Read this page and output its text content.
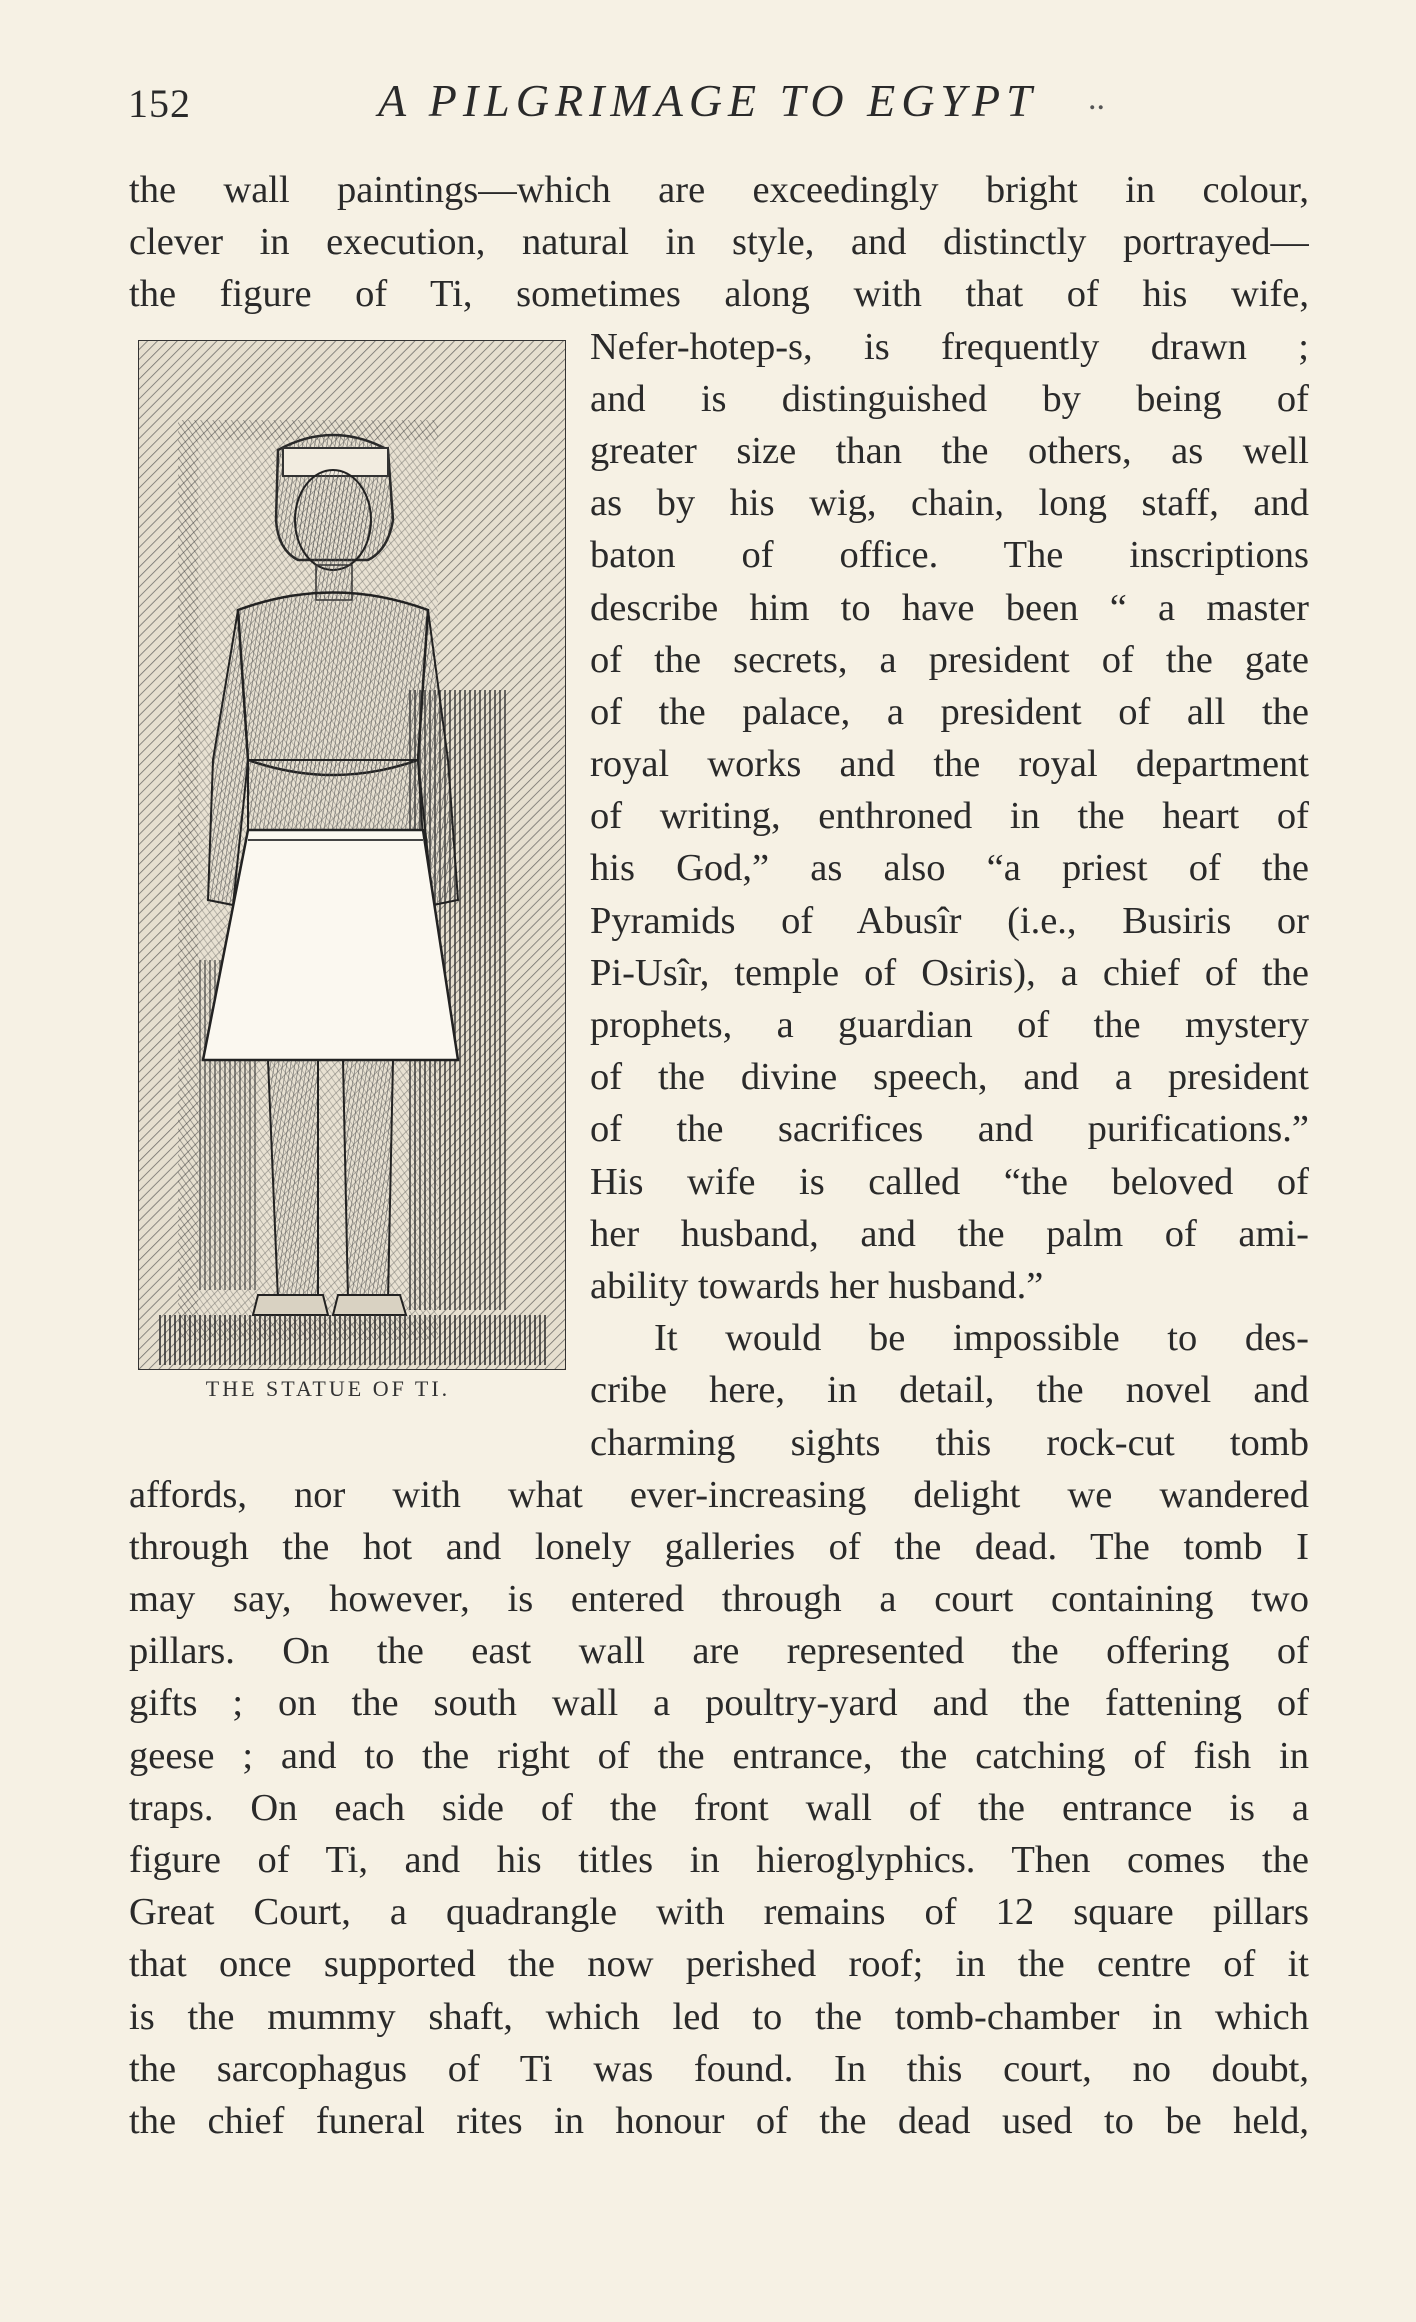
152	A PILGRIMAGE TO EGYPT ..
THE STATUE OF TI.
the wall paintings—which are exceedingly bright in colour,
clever in execution, natural in style, and distinctly portrayed—
the figure of Ti, sometimes along with that of his wife,
Nefer-hotep-s, is frequently drawn ;
and is distinguished by being of
greater size than the others, as well
as by his wig, chain, long staff, and
baton of office. The inscriptions
describe him to have been “ a master
of the secrets, a president of the gate
of the palace, a president of all the
royal works and the royal department
of writing, enthroned in the heart of
his God,” as also “a priest of the
Pyramids of Abusîr (i.e., Busiris or
Pi-Usîr, temple of Osiris), a chief of the
prophets, a guardian of the mystery
of the divine speech, and a president
of the sacrifices and purifications.”
His wife is called “the beloved of
her husband, and the palm of ami-
ability towards her husband.”
It would be impossible to des-
cribe here, in detail, the novel and
charming sights this rock-cut tomb
affords, nor with what ever-increasing delight we wandered
through the hot and lonely galleries of the dead. The tomb I
may say, however, is entered through a court containing two
pillars. On the east wall are represented the offering of
gifts ; on the south wall a poultry-yard and the fattening of
geese ; and to the right of the entrance, the catching of fish in
traps. On each side of the front wall of the entrance is a
figure of Ti, and his titles in hieroglyphics. Then comes the
Great Court, a quadrangle with remains of 12 square pillars
that once supported the now perished roof; in the centre of it
is the mummy shaft, which led to the tomb-chamber in which
the sarcophagus of Ti was found. In this court, no doubt,
the chief funeral rites in honour of the dead used to be held,
